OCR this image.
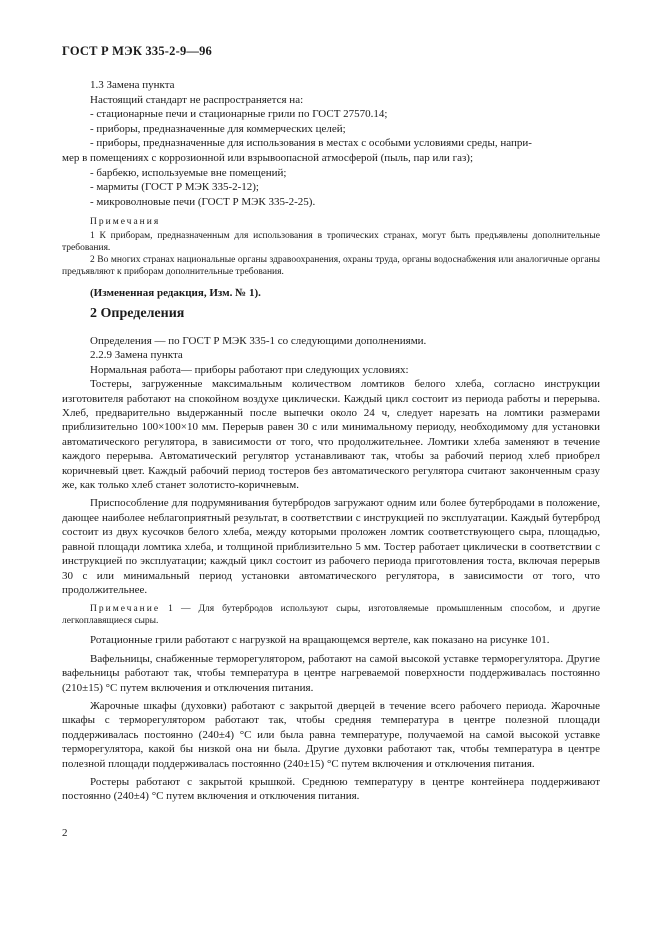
ГОСТ Р МЭК 335-2-9—96

1.3 Замена пункта

Настоящий стандарт не распространяется на:

- стационарные печи и стационарные грили по ГОСТ 27570.14;

- приборы, предназначенные для коммерческих целей;

- приборы, предназначенные для использования в местах с особыми условиями среды, напри-

мер в помещениях с коррозионной или взрывоопасной атмосферой (пыль, пар или газ);

- барбекю, используемые вне помещений;

- мармиты (ГОСТ Р МЭК 335-2-12);

- микроволновые печи (ГОСТ Р МЭК 335-2-25).

Примечания

1 К приборам, предназначенным для использования в тропических странах, могут быть предъявлены дополнительные требования.

2 Во многих странах национальные органы здравоохранения, охраны труда, органы водоснабжения или аналогичные органы предъявляют к приборам дополнительные требования.

(Измененная редакция, Изм. № 1).

2 Определения

Определения — по ГОСТ Р МЭК 335-1 со следующими дополнениями.

2.2.9 Замена пункта

Нормальная работа— приборы работают при следующих условиях:

Тостеры, загруженные максимальным количеством ломтиков белого хлеба, согласно инструкции изготовителя работают на спокойном воздухе циклически. Каждый цикл состоит из периода работы и перерыва. Хлеб, предварительно выдержанный после выпечки около 24 ч, следует нарезать на ломтики размерами приблизительно 100×100×10 мм. Перерыв равен 30 с или минимальному периоду, необходимому для установки автоматического регулятора, в зависимости от того, что продолжительнее. Ломтики хлеба заменяют в течение каждого перерыва. Автоматический регулятор устанавливают так, чтобы за рабочий период хлеб приобрел коричневый цвет. Каждый рабочий период тостеров без автоматического регулятора считают законченным сразу же, как только хлеб станет золотисто-коричневым.

Приспособление для подрумянивания бутербродов загружают одним или более бутербродами в положение, дающее наиболее неблагоприятный результат, в соответствии с инструкцией по эксплуатации. Каждый бутерброд состоит из двух кусочков белого хлеба, между которыми проложен ломтик соответствующего сыра, площадью, равной площади ломтика хлеба, и толщиной приблизительно 5 мм. Тостер работает циклически в соответствии с инструкцией по эксплуатации; каждый цикл состоит из рабочего периода приготовления тоста, включая перерыв 30 с или минимальный период установки автоматического регулятора, в зависимости от того, что продолжительнее.

Примечание 1 — Для бутербродов используют сыры, изготовляемые промышленным способом, и другие легкоплавящиеся сыры.

Ротационные грили работают с нагрузкой на вращающемся вертеле, как показано на рисунке 101.

Вафельницы, снабженные терморегулятором, работают на самой высокой уставке терморегулятора. Другие вафельницы работают так, чтобы температура в центре нагреваемой поверхности поддерживалась постоянно (210±15) °С путем включения и отключения питания.

Жарочные шкафы (духовки) работают с закрытой дверцей в течение всего рабочего периода. Жарочные шкафы с терморегулятором работают так, чтобы средняя температура в центре полезной площади поддерживалась постоянно (240±4) °С или была равна температуре, получаемой на самой высокой уставке терморегулятора, какой бы низкой она ни была. Другие духовки работают так, чтобы температура в центре полезной площади поддерживалась постоянно (240±15) °С путем включения и отключения питания.

Ростеры работают с закрытой крышкой. Среднюю температуру в центре контейнера поддерживают постоянно (240±4) °С путем включения и отключения питания.

2
